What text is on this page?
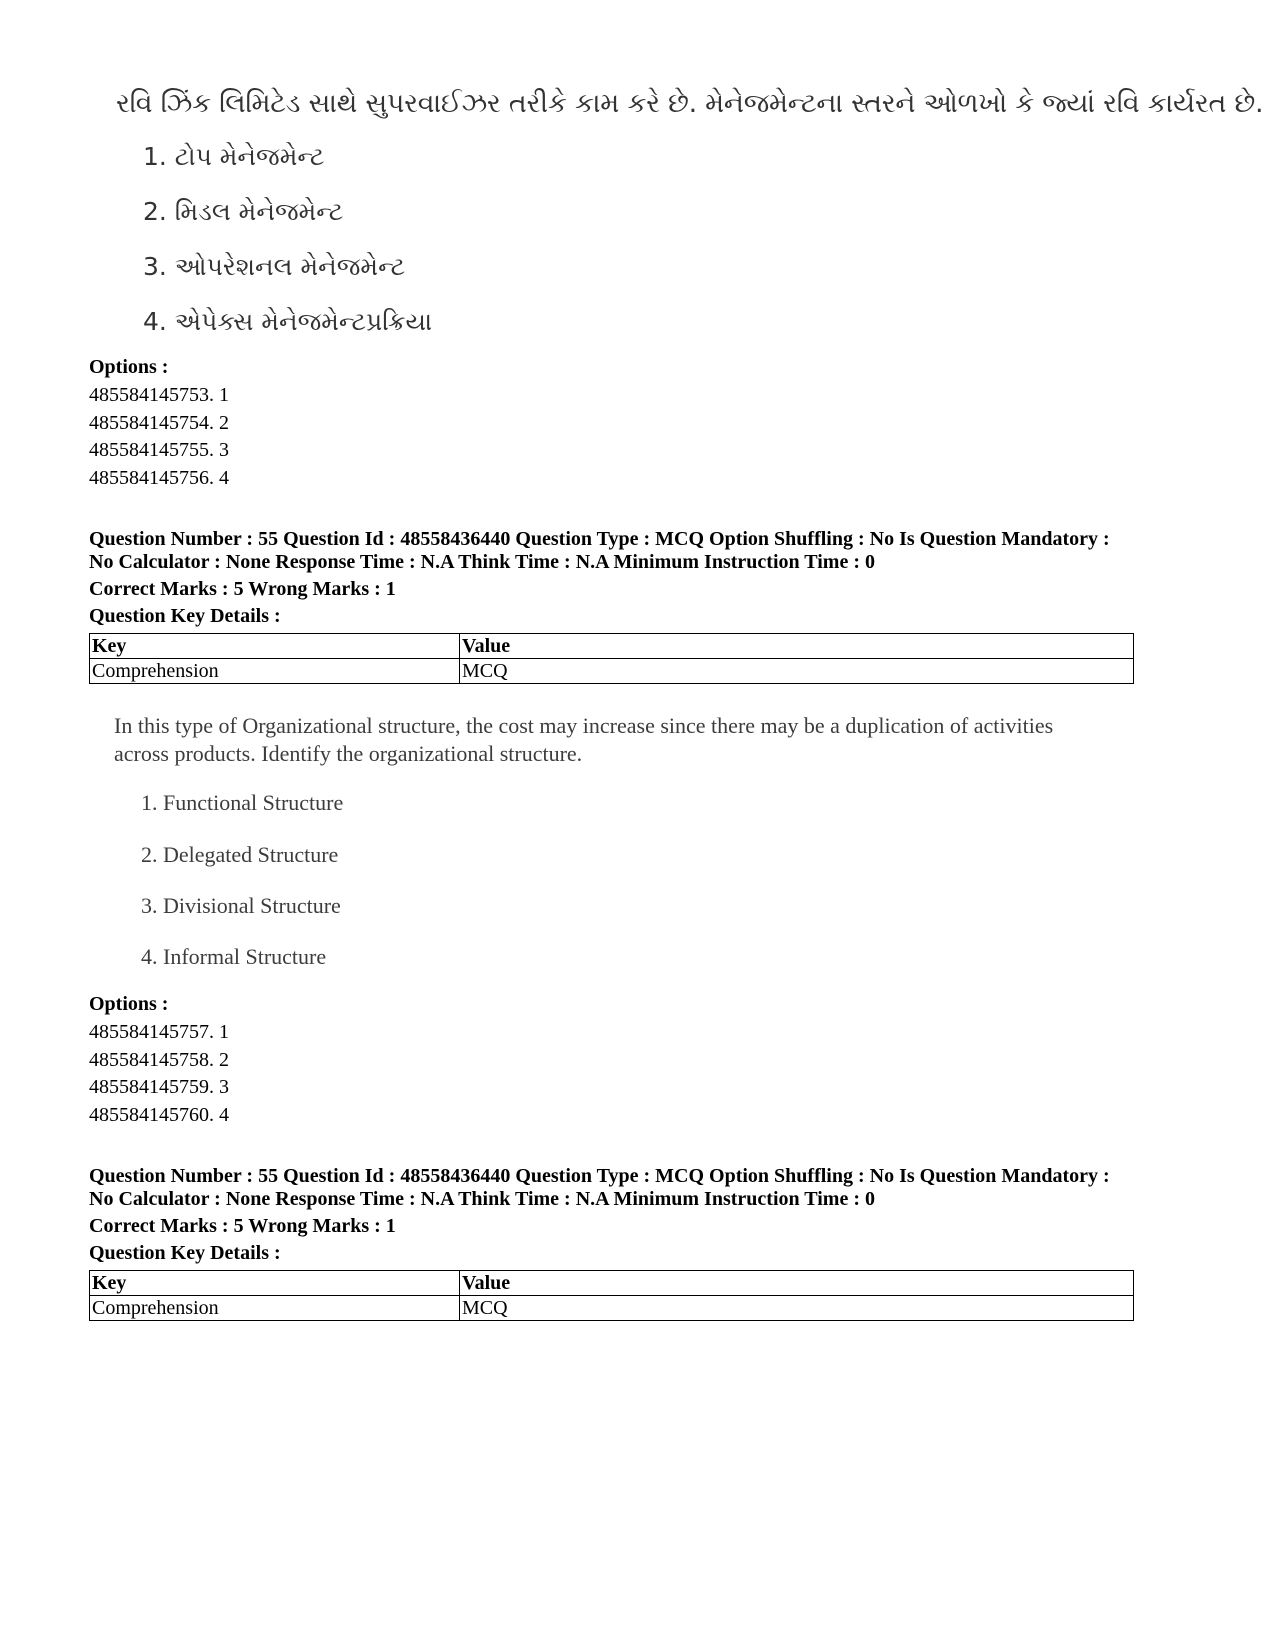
રવિ ઝિંક લિમિટેડ સાથે સુપરવાઈઝર તરીકે કામ કરે છે. મેનેજમેન્ટના સ્તરને ઓળખો કે જ્યાં રવિ કાર્યરત છે.
1. ટોપ મેનેજમેન્ટ
2. મિડલ મેનેજમેન્ટ
3. ઓપરેશનલ મેનેજમેન્ટ
4. એપેક્સ મેનેજમેન્ટપ્રક્રિયા
Options :
485584145753. 1
485584145754. 2
485584145755. 3
485584145756. 4
Question Number : 55 Question Id : 48558436440 Question Type : MCQ Option Shuffling : No Is Question Mandatory :
No Calculator : None Response Time : N.A Think Time : N.A Minimum Instruction Time : 0
Correct Marks : 5 Wrong Marks : 1
Question Key Details :
Key	Value
Comprehension	MCQ
In this type of Organizational structure, the cost may increase since there may be a duplication of activities across products. Identify the organizational structure.
1. Functional Structure
2. Delegated Structure
3. Divisional Structure
4. Informal Structure
Options :
485584145757. 1
485584145758. 2
485584145759. 3
485584145760. 4
Question Number : 55 Question Id : 48558436440 Question Type : MCQ Option Shuffling : No Is Question Mandatory :
No Calculator : None Response Time : N.A Think Time : N.A Minimum Instruction Time : 0
Correct Marks : 5 Wrong Marks : 1
Question Key Details :
Key	Value
Comprehension	MCQ
